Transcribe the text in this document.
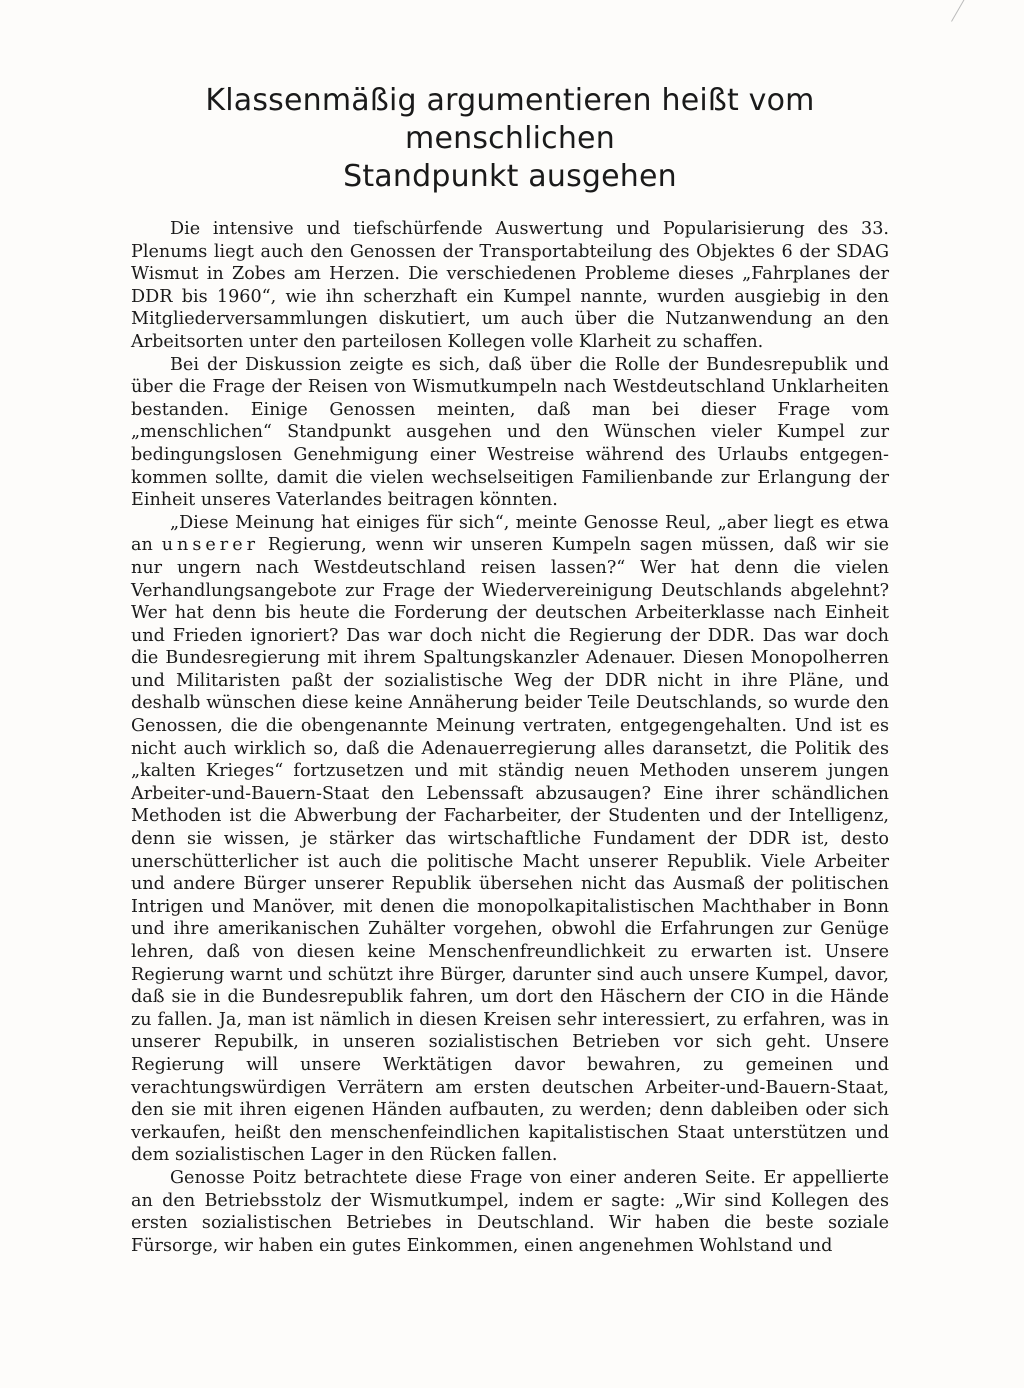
Klassenmäßig argumentieren heißt vom menschlichen
Standpunkt ausgehen

Die intensive und tiefschürfende Auswertung und Popularisierung des 33. Plenums liegt auch den Genossen der Transportabteilung des Objektes 6 der SDAG Wismut in Zobes am Herzen. Die verschiedenen Probleme dieses „Fahrplanes der DDR bis 1960“, wie ihn scherzhaft ein Kumpel nannte, wurden ausgiebig in den Mitgliederversammlungen diskutiert, um auch über die Nutzanwendung an den Arbeitsorten unter den parteilosen Kollegen volle Klarheit zu schaffen.

Bei der Diskussion zeigte es sich, daß über die Rolle der Bundesrepublik und über die Frage der Reisen von Wismutkumpeln nach Westdeutschland Unklarheiten bestanden. Einige Genossen meinten, daß man bei dieser Frage vom „menschlichen“ Standpunkt ausgehen und den Wünschen vieler Kumpel zur bedingungslosen Genehmigung einer Westreise während des Urlaubs entgegenkommen sollte, damit die vielen wechselseitigen Familienbande zur Erlangung der Einheit unseres Vaterlandes beitragen könnten.

„Diese Meinung hat einiges für sich“, meinte Genosse Reul, „aber liegt es etwa an unserer Regierung, wenn wir unseren Kumpeln sagen müssen, daß wir sie nur ungern nach Westdeutschland reisen lassen?“ Wer hat denn die vielen Verhandlungsangebote zur Frage der Wiedervereinigung Deutschlands abgelehnt? Wer hat denn bis heute die Forderung der deutschen Arbeiterklasse nach Einheit und Frieden ignoriert? Das war doch nicht die Regierung der DDR. Das war doch die Bundesregierung mit ihrem Spaltungskanzler Adenauer. Diesen Monopolherren und Militaristen paßt der sozialistische Weg der DDR nicht in ihre Pläne, und deshalb wünschen diese keine Annäherung beider Teile Deutschlands, so wurde den Genossen, die die obengenannte Meinung vertraten, entgegengehalten. Und ist es nicht auch wirklich so, daß die Adenauerregierung alles daransetzt, die Politik des „kalten Krieges“ fortzusetzen und mit ständig neuen Methoden unserem jungen Arbeiter-und-Bauern-Staat den Lebenssaft abzusaugen? Eine ihrer schändlichen Methoden ist die Abwerbung der Facharbeiter, der Studenten und der Intelligenz, denn sie wissen, je stärker das wirtschaftliche Fundament der DDR ist, desto unerschütterlicher ist auch die politische Macht unserer Republik. Viele Arbeiter und andere Bürger unserer Republik übersehen nicht das Ausmaß der politischen Intrigen und Manöver, mit denen die monopolkapitalistischen Machthaber in Bonn und ihre amerikanischen Zuhälter vorgehen, obwohl die Erfahrungen zur Genüge lehren, daß von diesen keine Menschenfreundlichkeit zu erwarten ist. Unsere Regierung warnt und schützt ihre Bürger, darunter sind auch unsere Kumpel, davor, daß sie in die Bundesrepublik fahren, um dort den Häschern der CIO in die Hände zu fallen. Ja, man ist nämlich in diesen Kreisen sehr interessiert, zu erfahren, was in unserer Repubilk, in unseren sozialistischen Betrieben vor sich geht. Unsere Regierung will unsere Werktätigen davor bewahren, zu gemeinen und verachtungswürdigen Verrätern am ersten deutschen Arbeiter-und-Bauern-Staat, den sie mit ihren eigenen Händen aufbauten, zu werden; denn dableiben oder sich verkaufen, heißt den menschenfeindlichen kapitalistischen Staat unterstützen und dem sozialistischen Lager in den Rücken fallen.

Genosse Poitz betrachtete diese Frage von einer anderen Seite. Er appellierte an den Betriebsstolz der Wismutkumpel, indem er sagte: „Wir sind Kollegen des ersten sozialistischen Betriebes in Deutschland. Wir haben die beste soziale Fürsorge, wir haben ein gutes Einkommen, einen angenehmen Wohlstand und
